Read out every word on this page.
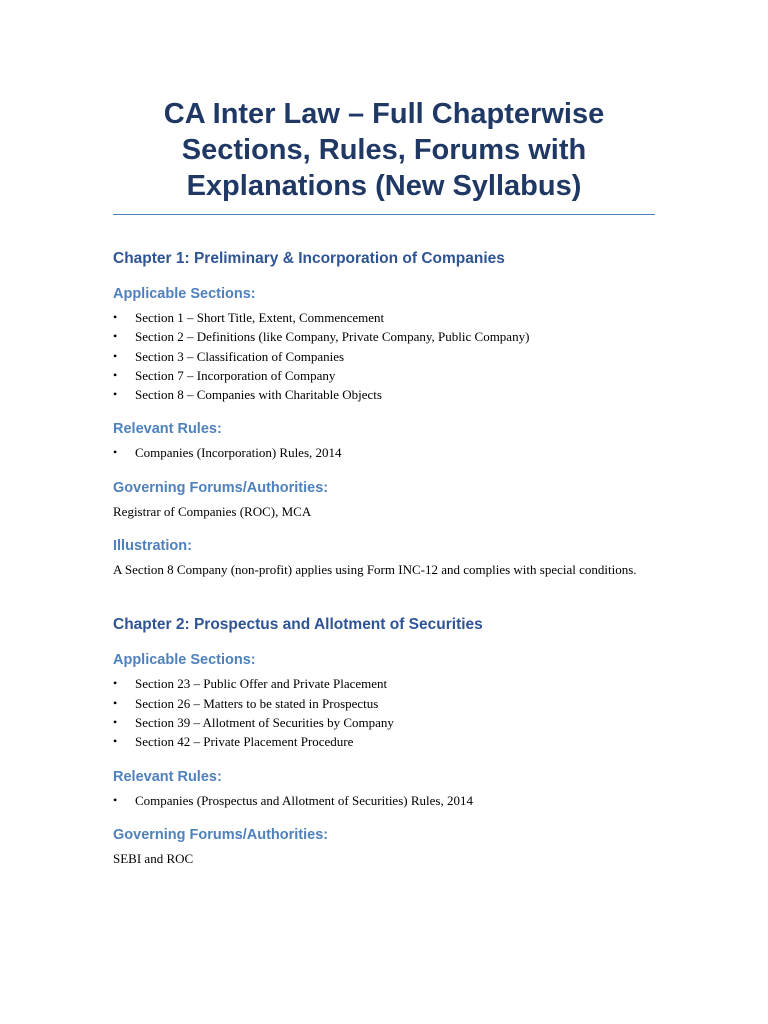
CA Inter Law – Full Chapterwise Sections, Rules, Forums with Explanations (New Syllabus)
Chapter 1: Preliminary & Incorporation of Companies
Applicable Sections:
• Section 1 – Short Title, Extent, Commencement
• Section 2 – Definitions (like Company, Private Company, Public Company)
• Section 3 – Classification of Companies
• Section 7 – Incorporation of Company
• Section 8 – Companies with Charitable Objects
Relevant Rules:
• Companies (Incorporation) Rules, 2014
Governing Forums/Authorities:

Registrar of Companies (ROC), MCA

Illustration:

A Section 8 Company (non-profit) applies using Form INC-12 and complies with special conditions.

Chapter 2: Prospectus and Allotment of Securities
Applicable Sections:
• Section 23 – Public Offer and Private Placement
• Section 26 – Matters to be stated in Prospectus
• Section 39 – Allotment of Securities by Company
• Section 42 – Private Placement Procedure
Relevant Rules:
• Companies (Prospectus and Allotment of Securities) Rules, 2014
Governing Forums/Authorities:

SEBI and ROC
